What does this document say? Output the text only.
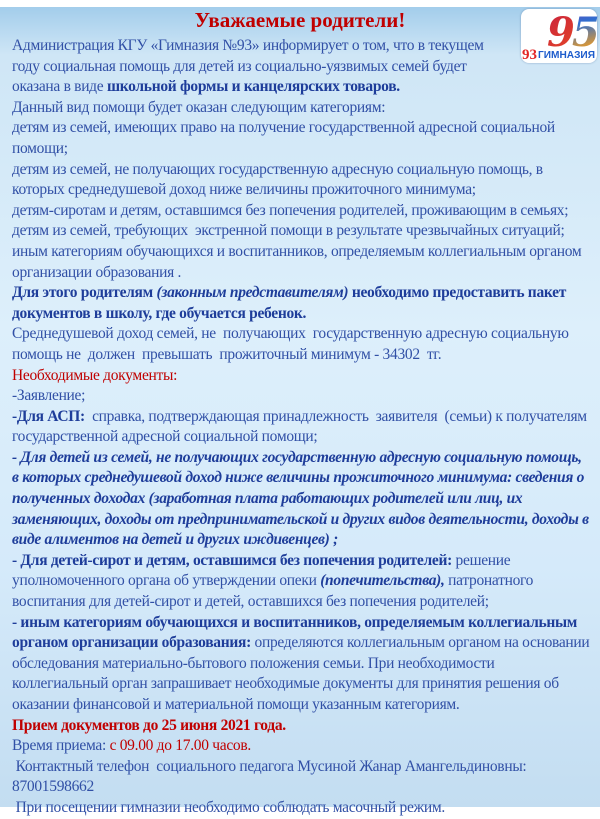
95
93 ГИМНАЗИЯ
Уважаемые родители!

Администрация КГУ «Гимназия №93» информирует о том, что в текущем году социальная помощь для детей из социально-уязвимых семей будет оказана в виде школьной формы и канцелярских товаров.

Данный вид помощи будет оказан следующим категориям:

детям из семей, имеющих право на получение государственной адресной социальной помощи;

детям из семей, не получающих государственную адресную социальную помощь, в которых среднедушевой доход ниже величины прожиточного минимума;

детям-сиротам и детям, оставшимся без попечения родителей, проживающим в семьях;

детям из семей, требующих  экстренной помощи в результате чрезвычайных ситуаций;

иным категориям обучающихся и воспитанников, определяемым коллегиальным органом организации образования .

Для этого родителям (законным представителям) необходимо предоставить пакет документов в школу, где обучается ребенок.

Среднедушевой доход семей, не  получающих  государственную адресную социальную помощь не  должен  превышать  прожиточный минимум - 34302  тг.

Необходимые документы:

-Заявление;

-Для АСП:  справка, подтверждающая принадлежность  заявителя  (семьи) к получателям государственной адресной социальной помощи;

- Для детей из семей, не получающих государственную адресную социальную помощь, в которых среднедушевой доход ниже величины прожиточного минимума: сведения о полученных доходах (заработная плата работающих родителей или лиц, их заменяющих, доходы от предпринимательской и других видов деятельности, доходы в виде алиментов на детей и других иждивенцев) ;

- Для детей-сирот и детям, оставшимся без попечения родителей: решение уполномоченного органа об утверждении опеки (попечительства), патронатного воспитания для детей-сирот и детей, оставшихся без попечения родителей;

- иным категориям обучающихся и воспитанников, определяемым коллегиальным органом организации образования: определяются коллегиальным органом на основании обследования материально-бытового положения семьи. При необходимости коллегиальный орган запрашивает необходимые документы для принятия решения об оказании финансовой и материальной помощи указанным категориям.

Прием документов до 25 июня 2021 года.

Время приема: с 09.00 до 17.00 часов.

Контактный телефон  социального педагога Мусиной Жанар Амангельдиновны: 87001598662

При посещении гимназии необходимо соблюдать масочный режим.
